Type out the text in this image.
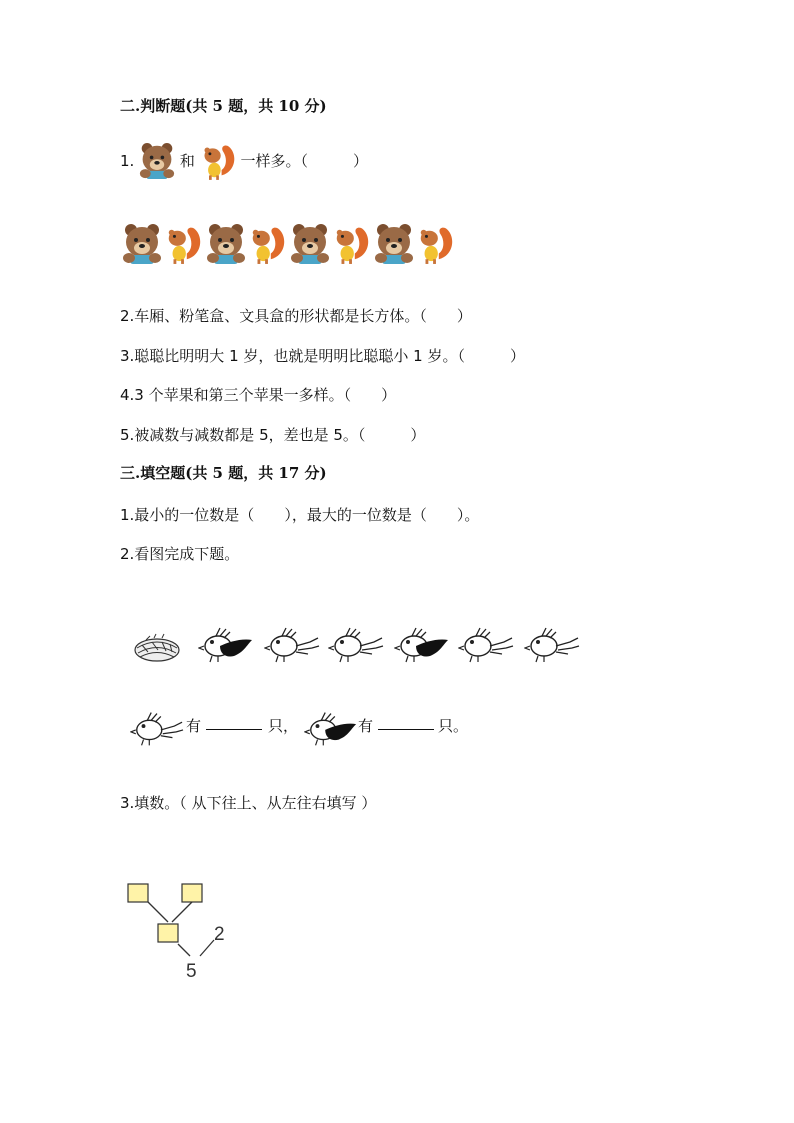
二.判断题(共 5 题，共 10 分)
1.	和	一样多。（　　　）
2.车厢、粉笔盒、文具盒的形状都是长方体。（　　）
3.聪聪比明明大 1 岁，也就是明明比聪聪小 1 岁。（　　　）
4.3 个苹果和第三个苹果一多样。（　　）
5.被减数与减数都是 5，差也是 5。（　　　）
三.填空题(共 5 题，共 17 分)
1.最小的一位数是（　　），最大的一位数是（　　）。
2.看图完成下题。
有	只，	有	只。
3.填数。（ 从下往上、从左往右填写 ）
2
5
